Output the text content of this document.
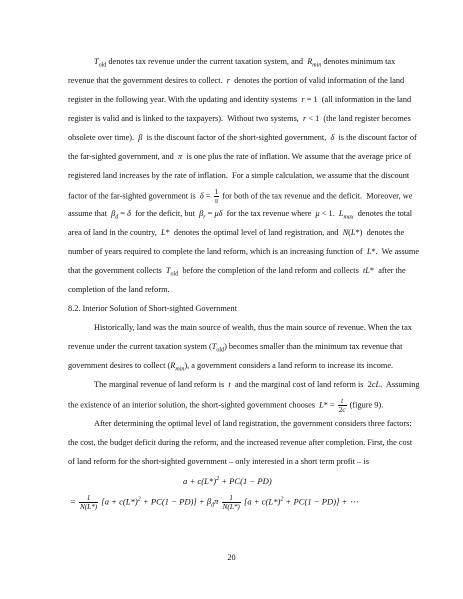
$T_{old}$ denotes tax revenue under the current taxation system, and  $R_{min}$ denotes minimum tax
revenue that the government desires to collect.  r  denotes the portion of valid information of the land
register in the following year. With the updating and identity systems  r = 1  (all information in the land
register is valid and is linked to the taxpayers).  Without two systems,  r < 1  (the land register becomes
obsolete over time).  β  is the discount factor of the short-sighted government,  δ  is the discount factor of
the far-sighted government, and  π  is one plus the rate of inflation. We assume that the average price of
registered land increases by the rate of inflation.  For a simple calculation, we assume that the discount
factor of the far-sighted government is  $\delta = \frac{1}{\pi}$ for both of the tax revenue and the deficit.  Moreover, we
assume that  $\beta_d = \delta$  for the deficit, but  $\beta_r = \mu\delta$  for the tax revenue where  μ < 1.  $L_{max}$  denotes the total
area of land in the country,  L*  denotes the optimal level of land registration, and  N(L*)  denotes the
number of years required to complete the land reform, which is an increasing function of  L*.  We assume
that the government collects  $T_{old}$  before the completion of the land reform and collects  tL*  after the
completion of the land reform.
8.2. Interior Solution of Short-sighted Government
Historically, land was the main source of wealth, thus the main source of revenue. When the tax
revenue under the current taxation system $(T_{old})$ becomes smaller than the minimum tax revenue that
government desires to collect $(R_{min})$, a government considers a land reform to increase its income.
The marginal revenue of land reform is  t  and the marginal cost of land reform is  2cL.  Assuming
the existence of an interior solution, the short-sighted government chooses  $L* = \frac{t}{2c}$ (figure 9).
After determining the optimal level of land registration, the government considers three factors:
the cost, the budget deficit during the reform, and the increased revenue after completion. First, the cost
of land reform for the short-sighted government – only interested in a short term profit – is
$a + c(L*)^2 + PC(1 - PD)$
= $\frac{1}{N(L*)} [a + c(L*)^2 + PC(1 - PD)] + \beta_d\pi \frac{1}{N(L*)} [a + c(L*)^2 + PC(1 - PD)]$ + ⋯
20
